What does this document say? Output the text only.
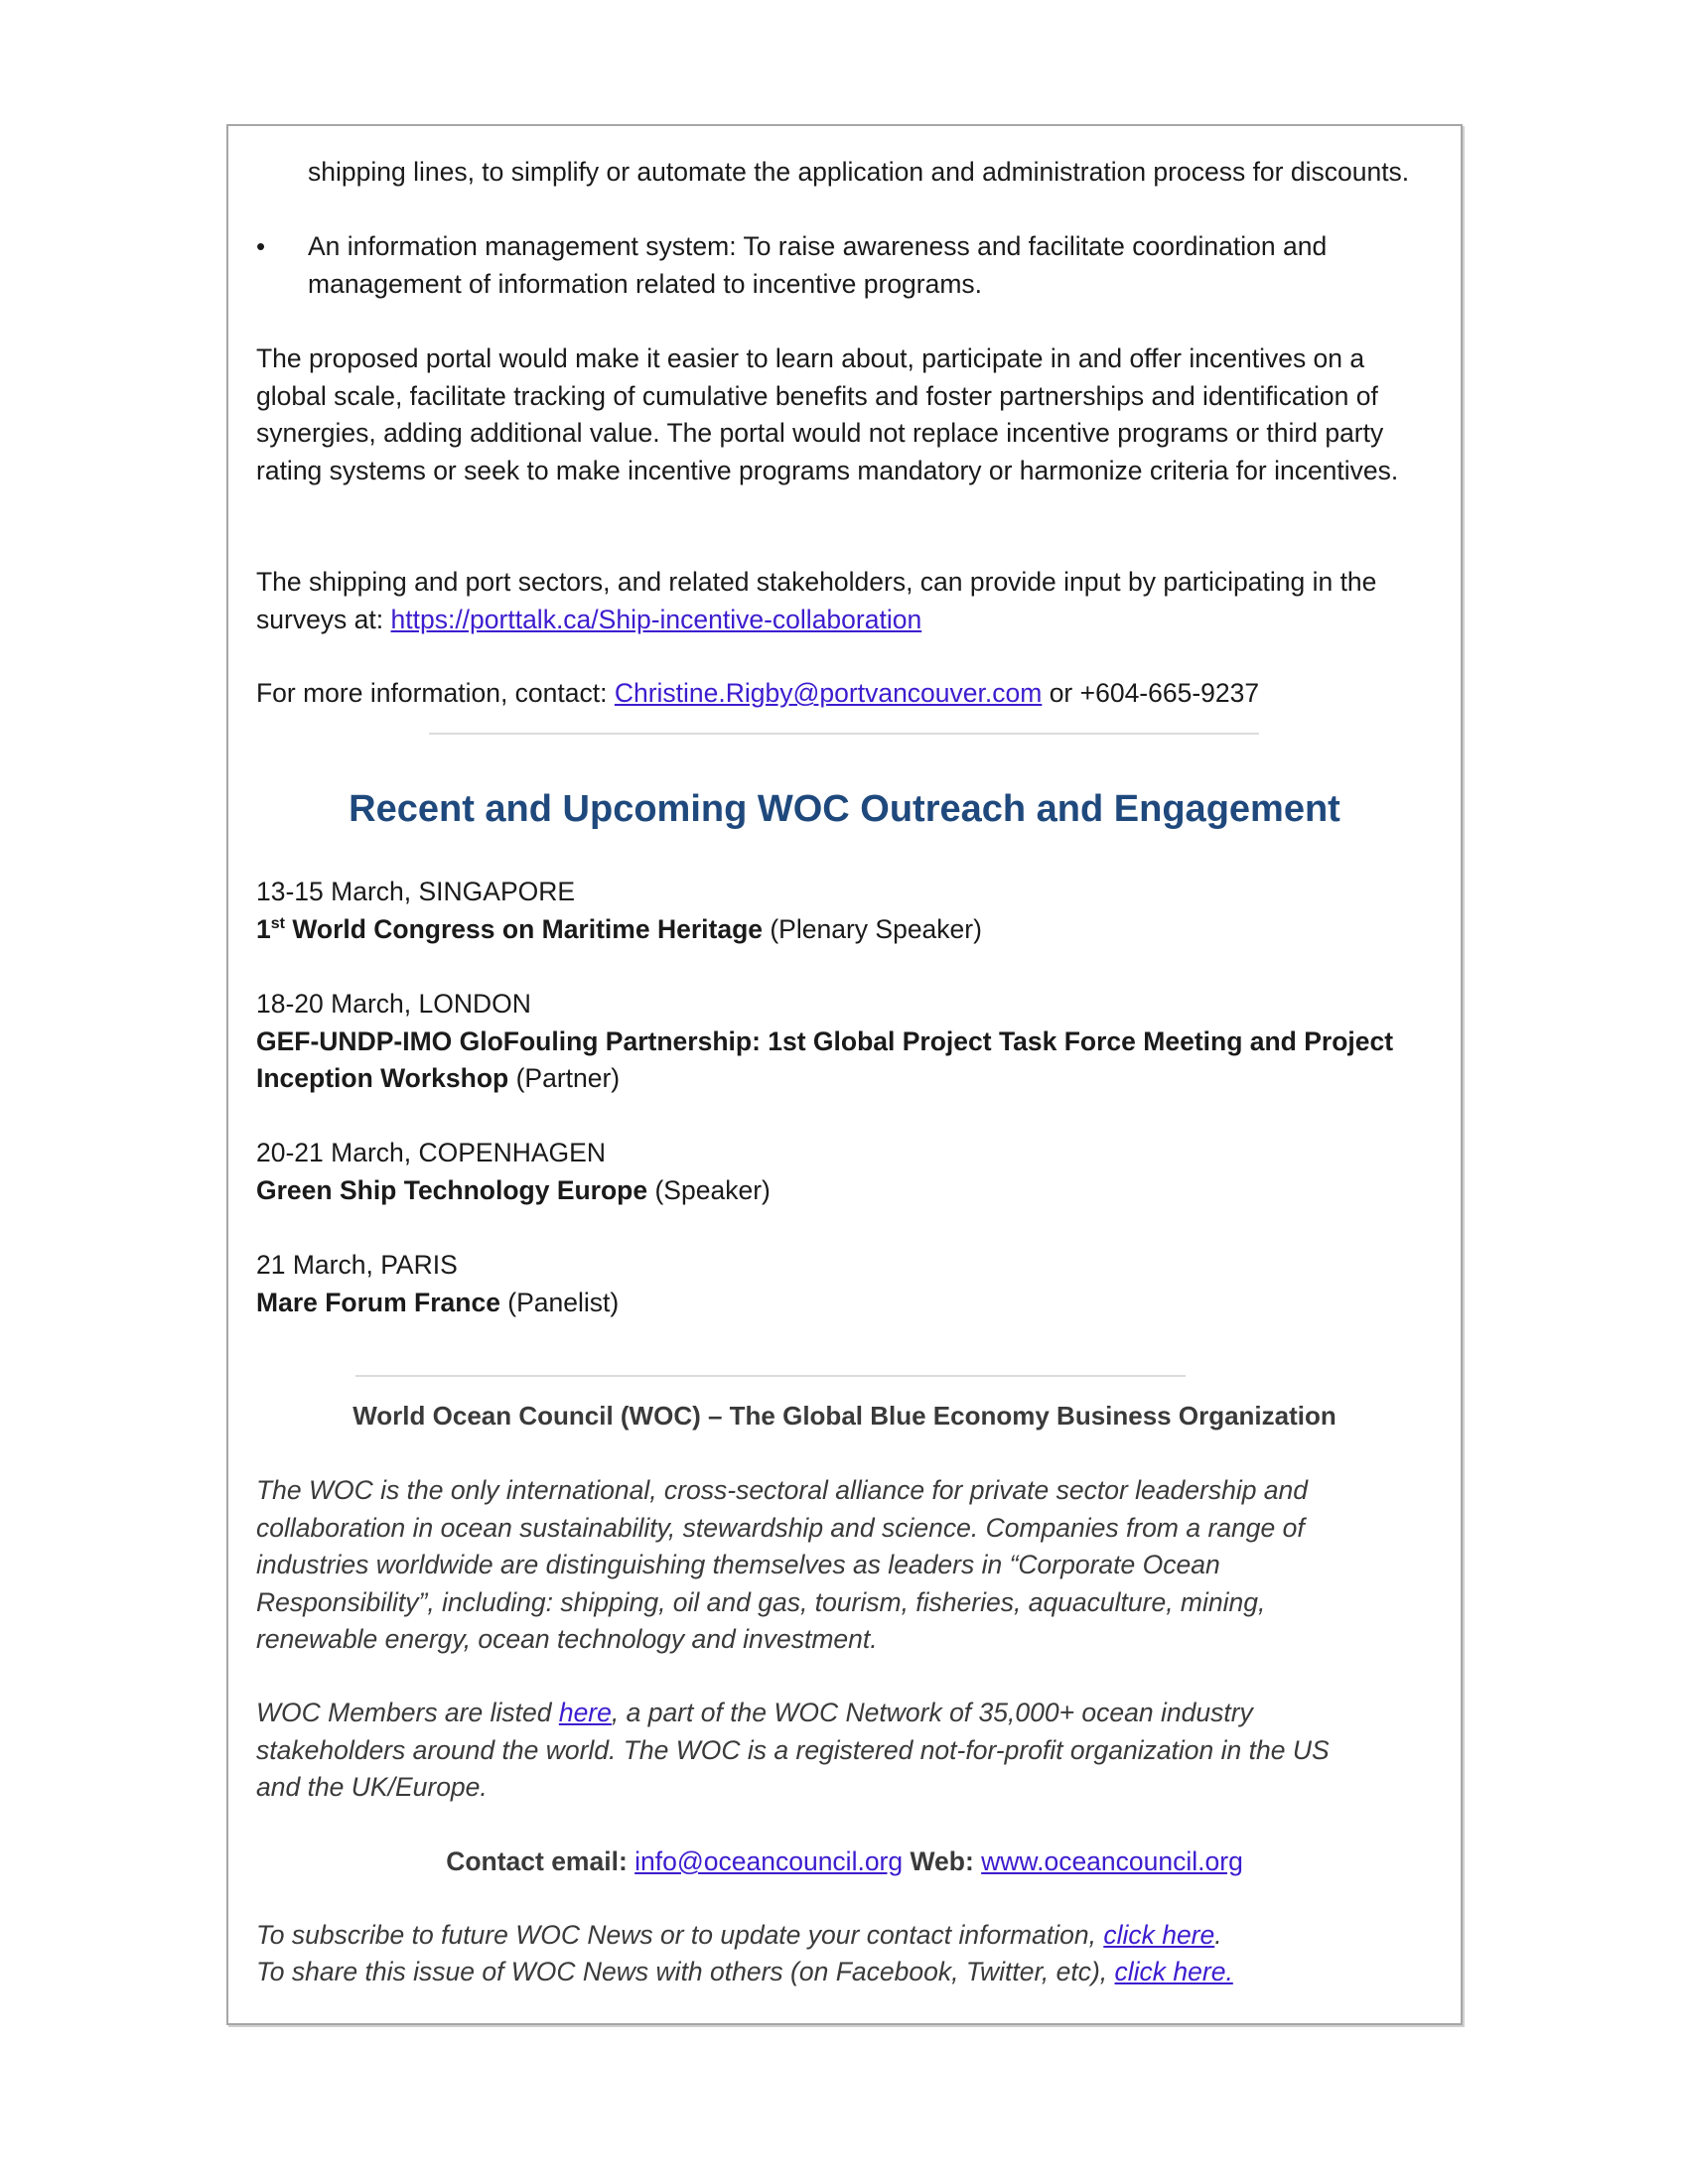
shipping lines, to simplify or automate the application and administration process for discounts.

• An information management system: To raise awareness and facilitate coordination and management of information related to incentive programs.

The proposed portal would make it easier to learn about, participate in and offer incentives on a global scale, facilitate tracking of cumulative benefits and foster partnerships and identification of synergies, adding additional value. The portal would not replace incentive programs or third party rating systems or seek to make incentive programs mandatory or harmonize criteria for incentives.

The shipping and port sectors, and related stakeholders, can provide input by participating in the surveys at: https://porttalk.ca/Ship-incentive-collaboration

For more information, contact: Christine.Rigby@portvancouver.com or +604-665-9237

Recent and Upcoming WOC Outreach and Engagement
13-15 March, SINGAPORE
1st World Congress on Maritime Heritage (Plenary Speaker)
18-20 March, LONDON
GEF-UNDP-IMO GloFouling Partnership: 1st Global Project Task Force Meeting and Project Inception Workshop (Partner)
20-21 March, COPENHAGEN
Green Ship Technology Europe (Speaker)
21 March, PARIS
Mare Forum France (Panelist)
World Ocean Council (WOC) – The Global Blue Economy Business Organization

The WOC is the only international, cross-sectoral alliance for private sector leadership and collaboration in ocean sustainability, stewardship and science. Companies from a range of industries worldwide are distinguishing themselves as leaders in “Corporate Ocean Responsibility”, including: shipping, oil and gas, tourism, fisheries, aquaculture, mining, renewable energy, ocean technology and investment.

WOC Members are listed here, a part of the WOC Network of 35,000+ ocean industry stakeholders around the world. The WOC is a registered not-for-profit organization in the US and the UK/Europe.

Contact email: info@oceancouncil.org Web: www.oceancouncil.org
To subscribe to future WOC News or to update your contact information, click here.
To share this issue of WOC News with others (on Facebook, Twitter, etc), click here.
